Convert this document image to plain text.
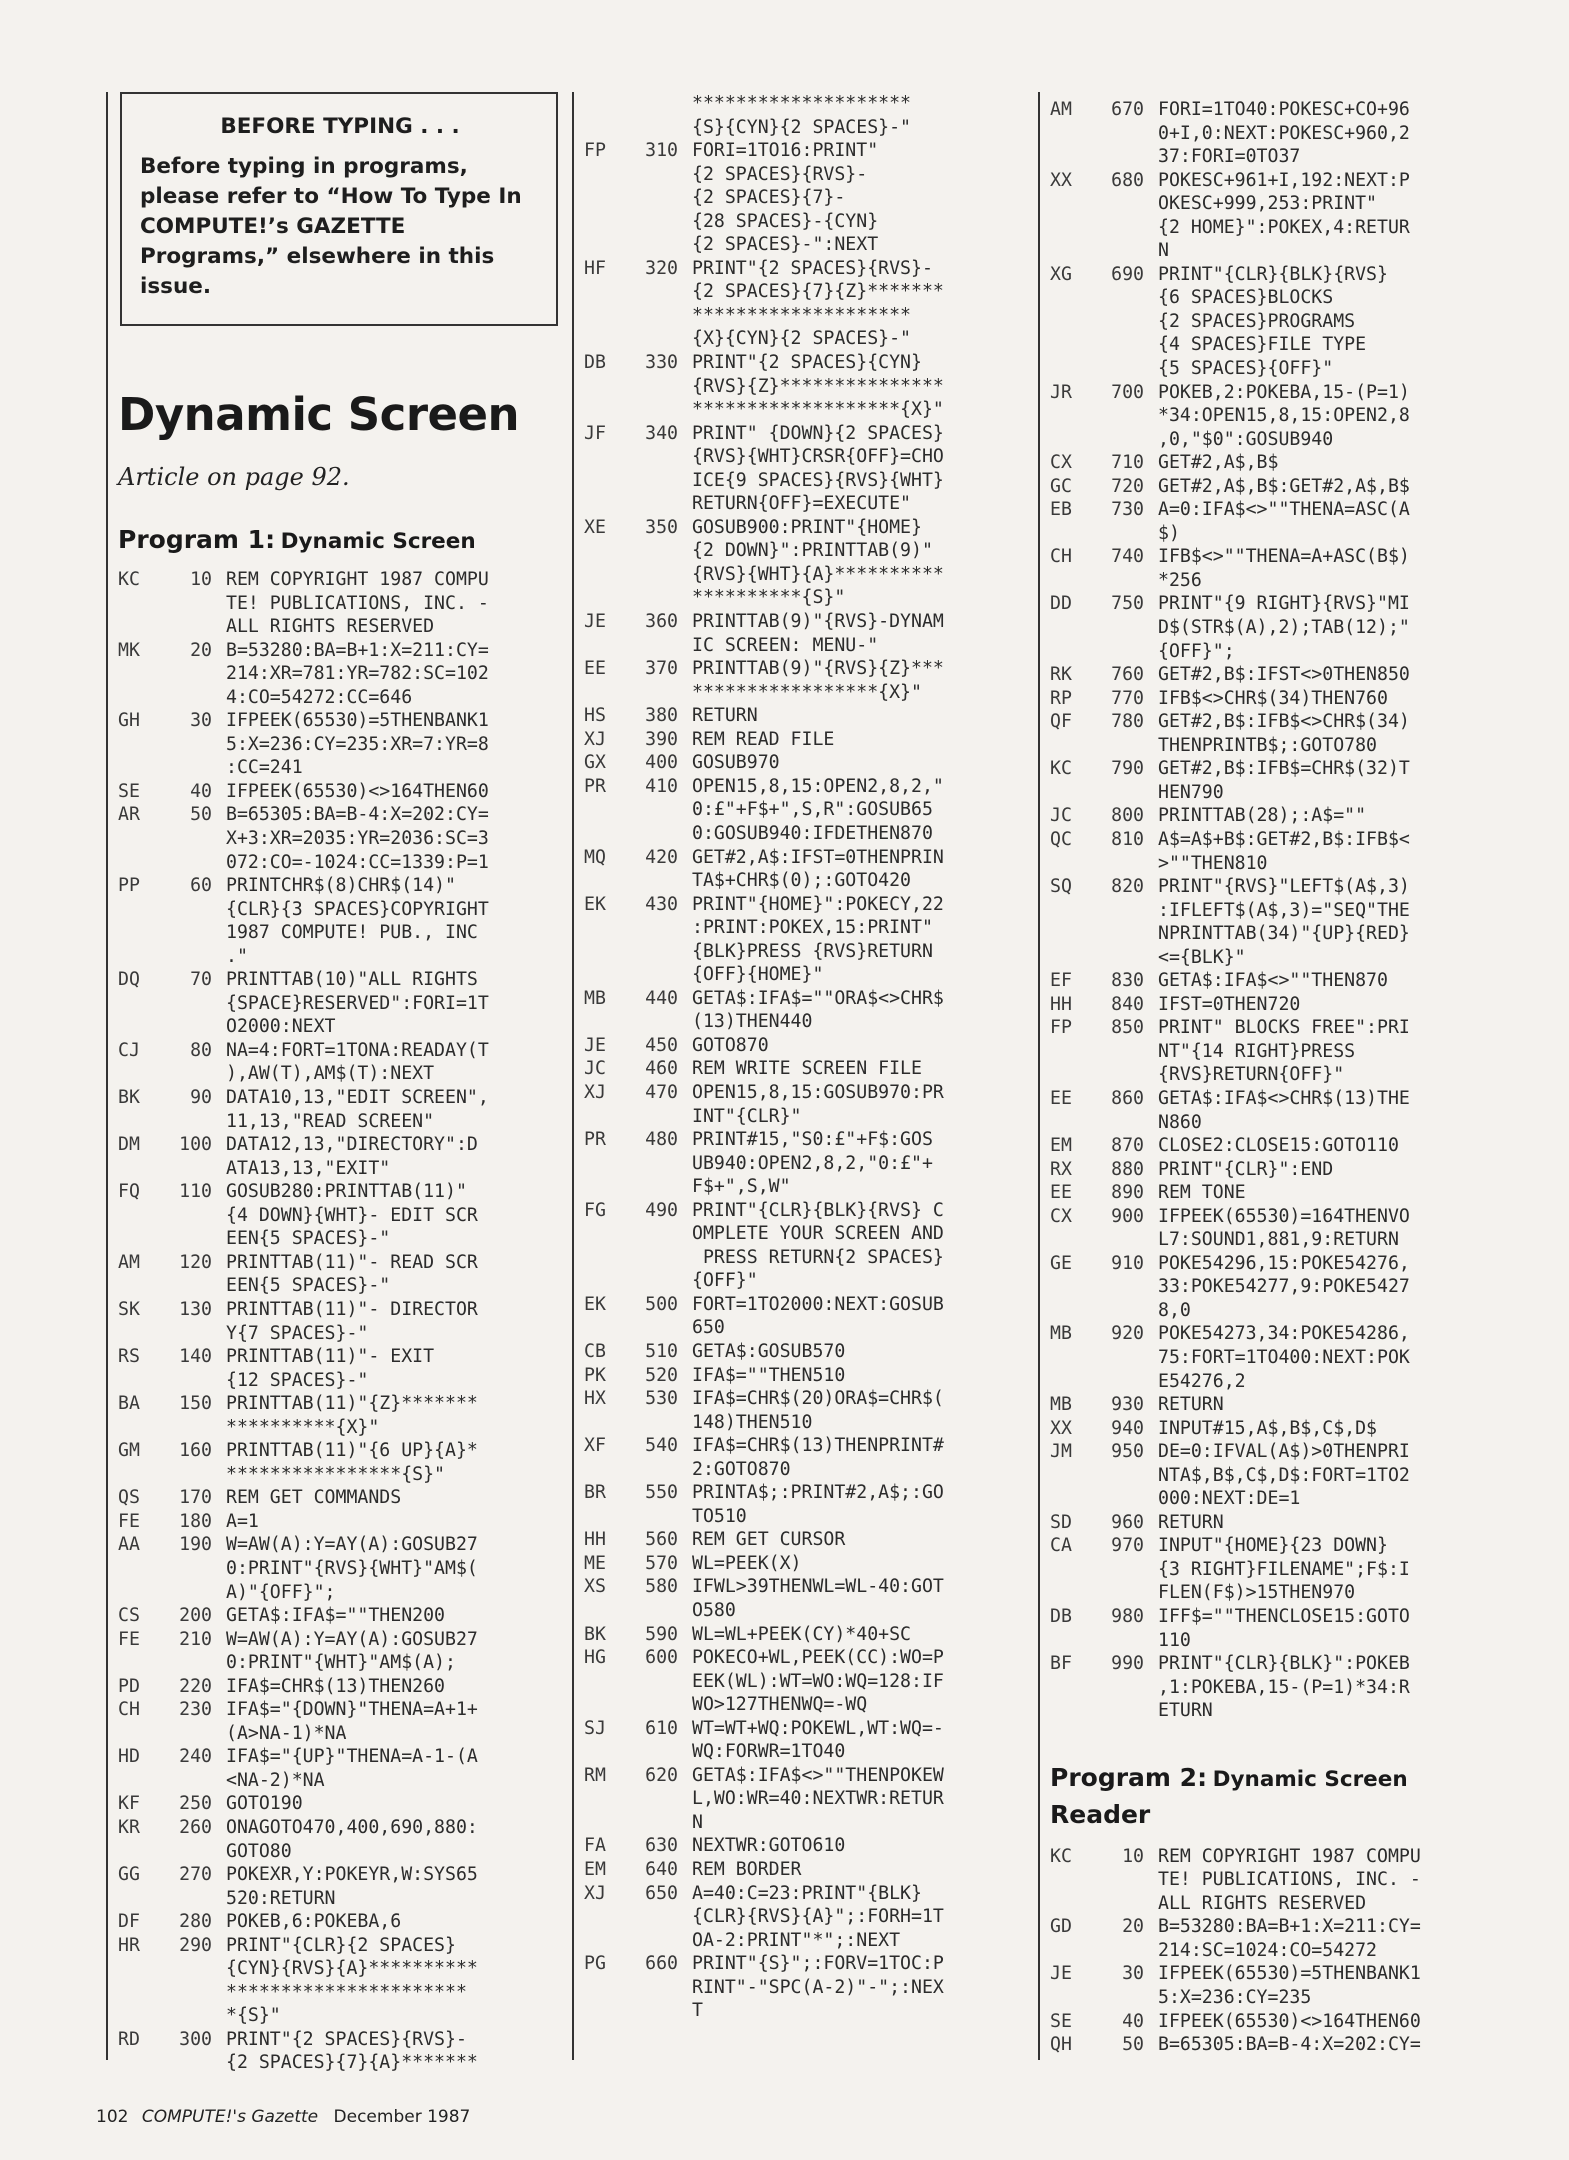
BEFORE TYPING . . .
Before typing in programs, please refer to “How To Type In COMPUTE!’s GAZETTE Programs,” elsewhere in this issue.
Dynamic Screen
Article on page 92.
Program 1: Dynamic Screen
KC	10 REM COPYRIGHT 1987 COMPU
TE! PUBLICATIONS, INC. -
ALL RIGHTS RESERVED
MK	20 B=53280:BA=B+1:X=211:CY=
214:XR=781:YR=782:SC=102
4:CO=54272:CC=646
GH	30 IFPEEK(65530)=5THENBANK1
5:X=236:CY=235:XR=7:YR=8
:CC=241
SE	40 IFPEEK(65530)<>164THEN60
AR	50 B=65305:BA=B-4:X=202:CY=
X+3:XR=2035:YR=2036:SC=3
072:CO=-1024:CC=1339:P=1
PP	60 PRINTCHR$(8)CHR$(14)"
{CLR}{3 SPACES}COPYRIGHT
1987 COMPUTE! PUB., INC
."
DQ	70 PRINTTAB(10)"ALL RIGHTS
{SPACE}RESERVED":FORI=1T
O2000:NEXT
CJ	80 NA=4:FORT=1TONA:READAY(T
),AW(T),AM$(T):NEXT
BK	90 DATA10,13,"EDIT SCREEN",
11,13,"READ SCREEN"
DM	100 DATA12,13,"DIRECTORY":D
ATA13,13,"EXIT"
FQ	110 GOSUB280:PRINTTAB(11)"
{4 DOWN}{WHT}- EDIT SCR
EEN{5 SPACES}-"
AM	120 PRINTTAB(11)"- READ SCR
EEN{5 SPACES}-"
SK	130 PRINTTAB(11)"- DIRECTOR
Y{7 SPACES}-"
RS	140 PRINTTAB(11)"- EXIT
{12 SPACES}-"
BA	150 PRINTTAB(11)"{Z}*******
**********{X}"
GM	160 PRINTTAB(11)"{6 UP}{A}*
****************{S}"
QS	170 REM GET COMMANDS
FE	180 A=1
AA	190 W=AW(A):Y=AY(A):GOSUB27
0:PRINT"{RVS}{WHT}"AM$(
A)"{OFF}";
CS	200 GETA$:IFA$=""THEN200
FE	210 W=AW(A):Y=AY(A):GOSUB27
0:PRINT"{WHT}"AM$(A);
PD	220 IFA$=CHR$(13)THEN260
CH	230 IFA$="{DOWN}"THENA=A+1+
(A>NA-1)*NA
HD	240 IFA$="{UP}"THENA=A-1-(A
<NA-2)*NA
KF	250 GOTO190
KR	260 ONAGOTO470,400,690,880:
GOTO80
GG	270 POKEXR,Y:POKEYR,W:SYS65
520:RETURN
DF	280 POKEB,6:POKEBA,6
HR	290 PRINT"{CLR}{2 SPACES}
{CYN}{RVS}{A}**********
**********************
*{S}"
RD	300 PRINT"{2 SPACES}{RVS}-
{2 SPACES}{7}{A}*******
********************
{S}{CYN}{2 SPACES}-"
FP	310 FORI=1TO16:PRINT"
{2 SPACES}{RVS}-
{2 SPACES}{7}-
{28 SPACES}-{CYN}
{2 SPACES}-":NEXT
HF	320 PRINT"{2 SPACES}{RVS}-
{2 SPACES}{7}{Z}*******
********************
{X}{CYN}{2 SPACES}-"
DB	330 PRINT"{2 SPACES}{CYN}
{RVS}{Z}***************
*******************{X}"
JF	340 PRINT" {DOWN}{2 SPACES}
{RVS}{WHT}CRSR{OFF}=CHO
ICE{9 SPACES}{RVS}{WHT}
RETURN{OFF}=EXECUTE"
XE	350 GOSUB900:PRINT"{HOME}
{2 DOWN}":PRINTTAB(9)"
{RVS}{WHT}{A}**********
**********{S}"
JE	360 PRINTTAB(9)"{RVS}-DYNAM
IC SCREEN: MENU-"
EE	370 PRINTTAB(9)"{RVS}{Z}***
*****************{X}"
HS	380 RETURN
XJ	390 REM READ FILE
GX	400 GOSUB970
PR	410 OPEN15,8,15:OPEN2,8,2,"
0:£"+F$+",S,R":GOSUB65
0:GOSUB940:IFDETHEN870
MQ	420 GET#2,A$:IFST=0THENPRIN
TA$+CHR$(0);:GOTO420
EK	430 PRINT"{HOME}":POKECY,22
:PRINT:POKEX,15:PRINT"
{BLK}PRESS {RVS}RETURN
{OFF}{HOME}"
MB	440 GETA$:IFA$=""ORA$<>CHR$
(13)THEN440
JE	450 GOTO870
JC	460 REM WRITE SCREEN FILE
XJ	470 OPEN15,8,15:GOSUB970:PR
INT"{CLR}"
PR	480 PRINT#15,"S0:£"+F$:GOS
UB940:OPEN2,8,2,"0:£"+
F$+",S,W"
FG	490 PRINT"{CLR}{BLK}{RVS} C
OMPLETE YOUR SCREEN AND
PRESS RETURN{2 SPACES}
{OFF}"
EK	500 FORT=1TO2000:NEXT:GOSUB
650
CB	510 GETA$:GOSUB570
PK	520 IFA$=""THEN510
HX	530 IFA$=CHR$(20)ORA$=CHR$(
148)THEN510
XF	540 IFA$=CHR$(13)THENPRINT#
2:GOTO870
BR	550 PRINTA$;:PRINT#2,A$;:GO
TO510
HH	560 REM GET CURSOR
ME	570 WL=PEEK(X)
XS	580 IFWL>39THENWL=WL-40:GOT
O580
BK	590 WL=WL+PEEK(CY)*40+SC
HG	600 POKECO+WL,PEEK(CC):WO=P
EEK(WL):WT=WO:WQ=128:IF
WO>127THENWQ=-WQ
SJ	610 WT=WT+WQ:POKEWL,WT:WQ=-
WQ:FORWR=1TO40
RM	620 GETA$:IFA$<>""THENPOKEW
L,WO:WR=40:NEXTWR:RETUR
N
FA	630 NEXTWR:GOTO610
EM	640 REM BORDER
XJ	650 A=40:C=23:PRINT"{BLK}
{CLR}{RVS}{A}";:FORH=1T
OA-2:PRINT"*";:NEXT
PG	660 PRINT"{S}";:FORV=1TOC:P
RINT"-"SPC(A-2)"-";:NEX
T
AM	670 FORI=1TO40:POKESC+CO+96
0+I,0:NEXT:POKESC+960,2
37:FORI=0TO37
XX	680 POKESC+961+I,192:NEXT:P
OKESC+999,253:PRINT"
{2 HOME}":POKEX,4:RETUR
N
XG	690 PRINT"{CLR}{BLK}{RVS}
{6 SPACES}BLOCKS
{2 SPACES}PROGRAMS
{4 SPACES}FILE TYPE
{5 SPACES}{OFF}"
JR	700 POKEB,2:POKEBA,15-(P=1)
*34:OPEN15,8,15:OPEN2,8
,0,"$0":GOSUB940
CX	710 GET#2,A$,B$
GC	720 GET#2,A$,B$:GET#2,A$,B$
EB	730 A=0:IFA$<>""THENA=ASC(A
$)
CH	740 IFB$<>""THENA=A+ASC(B$)
*256
DD	750 PRINT"{9 RIGHT}{RVS}"MI
D$(STR$(A),2);TAB(12);"
{OFF}";
RK	760 GET#2,B$:IFST<>0THEN850
RP	770 IFB$<>CHR$(34)THEN760
QF	780 GET#2,B$:IFB$<>CHR$(34)
THENPRINTB$;:GOTO780
KC	790 GET#2,B$:IFB$=CHR$(32)T
HEN790
JC	800 PRINTTAB(28);:A$=""
QC	810 A$=A$+B$:GET#2,B$:IFB$<
>""THEN810
SQ	820 PRINT"{RVS}"LEFT$(A$,3)
:IFLEFT$(A$,3)="SEQ"THE
NPRINTTAB(34)"{UP}{RED}
<={BLK}"
EF	830 GETA$:IFA$<>""THEN870
HH	840 IFST=0THEN720
FP	850 PRINT" BLOCKS FREE":PRI
NT"{14 RIGHT}PRESS
{RVS}RETURN{OFF}"
EE	860 GETA$:IFA$<>CHR$(13)THE
N860
EM	870 CLOSE2:CLOSE15:GOTO110
RX	880 PRINT"{CLR}":END
EE	890 REM TONE
CX	900 IFPEEK(65530)=164THENVO
L7:SOUND1,881,9:RETURN
GE	910 POKE54296,15:POKE54276,
33:POKE54277,9:POKE5427
8,0
MB	920 POKE54273,34:POKE54286,
75:FORT=1TO400:NEXT:POK
E54276,2
MB	930 RETURN
XX	940 INPUT#15,A$,B$,C$,D$
JM	950 DE=0:IFVAL(A$)>0THENPRI
NTA$,B$,C$,D$:FORT=1TO2
000:NEXT:DE=1
SD	960 RETURN
CA	970 INPUT"{HOME}{23 DOWN}
{3 RIGHT}FILENAME";F$:I
FLEN(F$)>15THEN970
DB	980 IFF$=""THENCLOSE15:GOTO
110
BF	990 PRINT"{CLR}{BLK}":POKEB
,1:POKEBA,15-(P=1)*34:R
ETURN
Program 2: Dynamic Screen
Reader
KC	10 REM COPYRIGHT 1987 COMPU
TE! PUBLICATIONS, INC. -
ALL RIGHTS RESERVED
GD	20 B=53280:BA=B+1:X=211:CY=
214:SC=1024:CO=54272
JE	30 IFPEEK(65530)=5THENBANK1
5:X=236:CY=235
SE	40 IFPEEK(65530)<>164THEN60
QH	50 B=65305:BA=B-4:X=202:CY=
102 COMPUTE!'s Gazette December 1987
